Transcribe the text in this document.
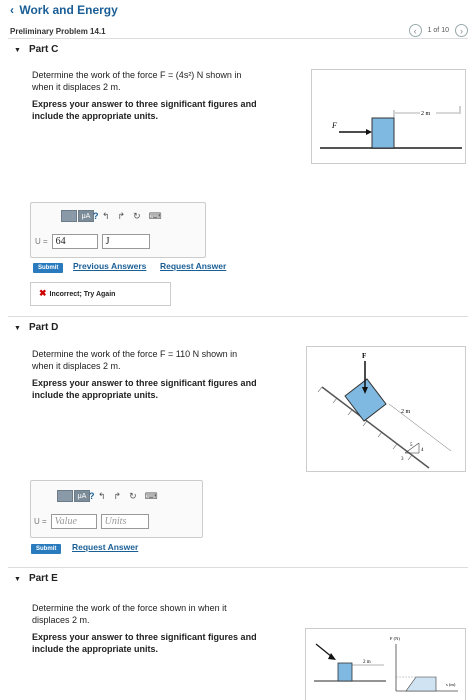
‹ Work and Energy
Preliminary Problem 14.1	‹ 1 of 10 ›
▼ Part C
Determine the work of the force F = (4s²) N shown in
when it displaces 2 m.
Express your answer to three significant figures and
include the appropriate units.
F
2 m
μA	↰ ↱ ↻ ⌨
?
U = 64	J
Submit	Previous Answers Request Answer
✖ Incorrect; Try Again
▼ Part D
Determine the work of the force F = 110 N shown in
when it displaces 2 m.
Express your answer to three significant figures and
include the appropriate units.
F
2 m
3
4
5
μA	↰ ↱ ↻ ⌨
?
U = Value	Units
Submit	Request Answer
▼ Part E
Determine the work of the force shown in when it
displaces 2 m.
Express your answer to three significant figures and
include the appropriate units.
2 m
F (N)
s (m)
